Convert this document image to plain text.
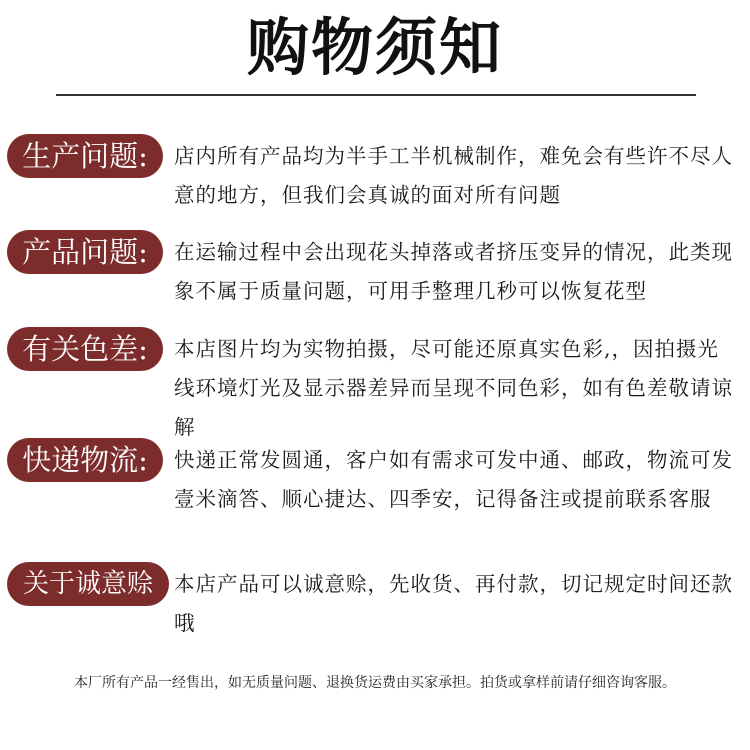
购物须知
生产问题:	店内所有产品均为半手工半机械制作，难免会有些许不尽人意的地方，但我们会真诚的面对所有问题
产品问题:	在运输过程中会出现花头掉落或者挤压变异的情况，此类现象不属于质量问题，可用手整理几秒可以恢复花型
有关色差:	本店图片均为实物拍摄，尽可能还原真实色彩,，因拍摄光线环境灯光及显示器差异而呈现不同色彩，如有色差敬请谅解
快递物流:	快递正常发圆通，客户如有需求可发中通、邮政，物流可发壹米滴答、顺心捷达、四季安，记得备注或提前联系客服
关于诚意赊	本店产品可以诚意赊，先收货、再付款，切记规定时间还款哦
本厂所有产品一经售出，如无质量问题、退换货运费由买家承担。拍货或拿样前请仔细咨询客服。
